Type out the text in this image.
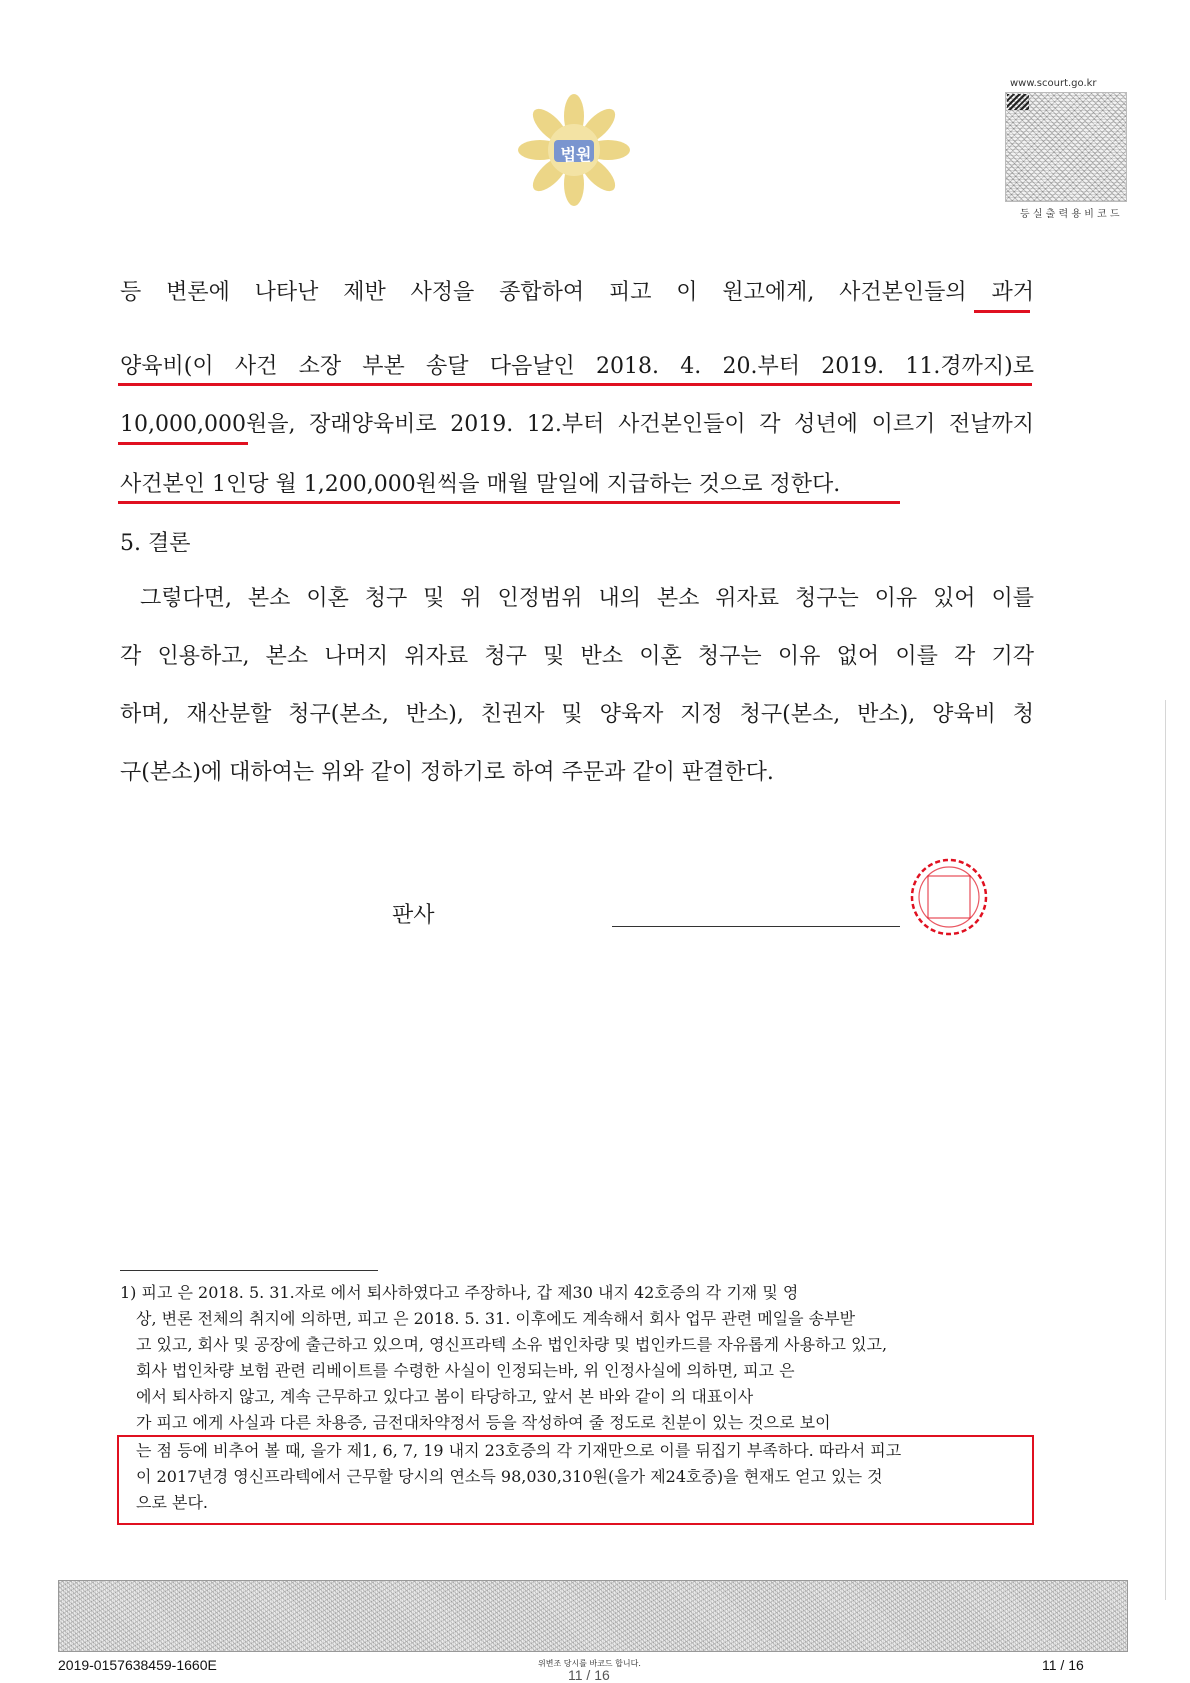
법원
www.scourt.go.kr
등 실 출 력 용 비 코 드
등 변론에 나타난 제반 사정을 종합하여 피고 이 원고에게, 사건본인들의 과거
양육비(이 사건 소장 부본 송달 다음날인 2018. 4. 20.부터 2019. 11.경까지)로
10,000,000원을, 장래양육비로 2019. 12.부터 사건본인들이 각 성년에 이르기 전날까지
사건본인 1인당 월 1,200,000원씩을 매월 말일에 지급하는 것으로 정한다.
5. 결론
그렇다면, 본소 이혼 청구 및 위 인정범위 내의 본소 위자료 청구는 이유 있어 이를
각 인용하고, 본소 나머지 위자료 청구 및 반소 이혼 청구는 이유 없어 이를 각 기각
하며, 재산분할 청구(본소, 반소), 친권자 및 양육자 지정 청구(본소, 반소), 양육비 청
구(본소)에 대하여는 위와 같이 정하기로 하여 주문과 같이 판결한다.
판사
1) 피고 은 2018. 5. 31.자로 에서 퇴사하였다고 주장하나, 갑 제30 내지 42호증의 각 기재 및 영
상, 변론 전체의 취지에 의하면, 피고 은 2018. 5. 31. 이후에도 계속해서 회사 업무 관련 메일을 송부받
고 있고, 회사 및 공장에 출근하고 있으며, 영신프라텍 소유 법인차량 및 법인카드를 자유롭게 사용하고 있고,
회사 법인차량 보험 관련 리베이트를 수령한 사실이 인정되는바, 위 인정사실에 의하면, 피고 은
에서 퇴사하지 않고, 계속 근무하고 있다고 봄이 타당하고, 앞서 본 바와 같이 의 대표이사
가 피고 에게 사실과 다른 차용증, 금전대차약정서 등을 작성하여 줄 정도로 친분이 있는 것으로 보이
는 점 등에 비추어 볼 때, 을가 제1, 6, 7, 19 내지 23호증의 각 기재만으로 이를 뒤집기 부족하다. 따라서 피고
이 2017년경 영신프라텍에서 근무할 당시의 연소득 98,030,310원(을가 제24호증)을 현재도 얻고 있는 것
으로 본다.
2019-0157638459-1660E	위변조 당시를 바코드 합니다.
11 / 16
11 / 16
